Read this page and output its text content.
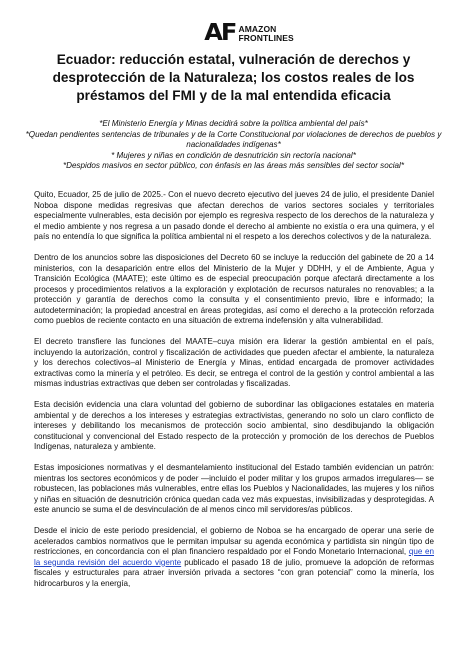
AF AMAZON
FRONTLINES
Ecuador: reducción estatal, vulneración de derechos y desprotección de la Naturaleza; los costos reales de los préstamos del FMI y de la mal entendida eficacia
*El Ministerio Energía y Minas decidirá sobre la política ambiental del país*
*Quedan pendientes sentencias de tribunales y de la Corte Constitucional por violaciones de derechos de pueblos y nacionalidades indígenas*
* Mujeres y niñas en condición de desnutrición sin rectoría nacional*
*Despidos masivos en sector público, con énfasis en las áreas más sensibles del sector social*

Quito, Ecuador, 25 de julio de 2025.- Con el nuevo decreto ejecutivo del jueves 24 de julio, el presidente Daniel Noboa dispone medidas regresivas que afectan derechos de varios sectores sociales y territoriales especialmente vulnerables, esta decisión por ejemplo es regresiva respecto de los derechos de la naturaleza y el medio ambiente y nos regresa a un pasado donde el derecho al ambiente no existía o era una quimera, y el país no entendía lo que significa la política ambiental ni el respeto a los derechos colectivos y de la naturaleza.

Dentro de los anuncios sobre las disposiciones del Decreto 60 se incluye la reducción del gabinete de 20 a 14 ministerios, con la desaparición entre ellos del Ministerio de la Mujer y DDHH, y el de Ambiente, Agua y Transición Ecológica (MAATE); este último es de especial preocupación porque afectará directamente a los procesos y procedimientos relativos a la exploración y explotación de recursos naturales no renovables; a la protección y garantía de derechos como la consulta y el consentimiento previo, libre e informado; la autodeterminación; la propiedad ancestral en áreas protegidas, así como el derecho a la protección reforzada como pueblos de reciente contacto en una situación de extrema indefensión y alta vulnerabilidad.

El decreto transfiere las funciones del MAATE–cuya misión era liderar la gestión ambiental en el país, incluyendo la autorización, control y fiscalización de actividades que pueden afectar el ambiente, la naturaleza y los derechos colectivos–al Ministerio de Energía y Minas, entidad encargada de promover actividades extractivas como la minería y el petróleo. Es decir, se entrega el control de la gestión y control ambiental a las mismas industrias extractivas que deben ser controladas y fiscalizadas.

Esta decisión evidencia una clara voluntad del gobierno de subordinar las obligaciones estatales en materia ambiental y de derechos a los intereses y estrategias extractivistas, generando no solo un claro conflicto de intereses y debilitando los mecanismos de protección socio ambiental, sino desdibujando la obligación constitucional y convencional del Estado respecto de la protección y promoción de los derechos de Pueblos Indígenas, naturaleza y ambiente.

Estas imposiciones normativas y el desmantelamiento institucional del Estado también evidencian un patrón: mientras los sectores económicos y de poder —incluido el poder militar y los grupos armados irregulares— se robustecen, las poblaciones más vulnerables, entre ellas los Pueblos y Nacionalidades, las mujeres y los niños y niñas en situación de desnutrición crónica quedan cada vez más expuestas, invisibilizadas y desprotegidas. A este anuncio se suma el de desvinculación de al menos cinco mil servidores/as públicos.

Desde el inicio de este periodo presidencial, el gobierno de Noboa se ha encargado de operar una serie de acelerados cambios normativos que le permitan impulsar su agenda económica y partidista sin ningún tipo de restricciones, en concordancia con el plan financiero respaldado por el Fondo Monetario Internacional, que en la segunda revisión del acuerdo vigente publicado el pasado 18 de julio, promueve la adopción de reformas fiscales y estructurales para atraer inversión privada a sectores “con gran potencial” como la minería, los hidrocarburos y la energía,
